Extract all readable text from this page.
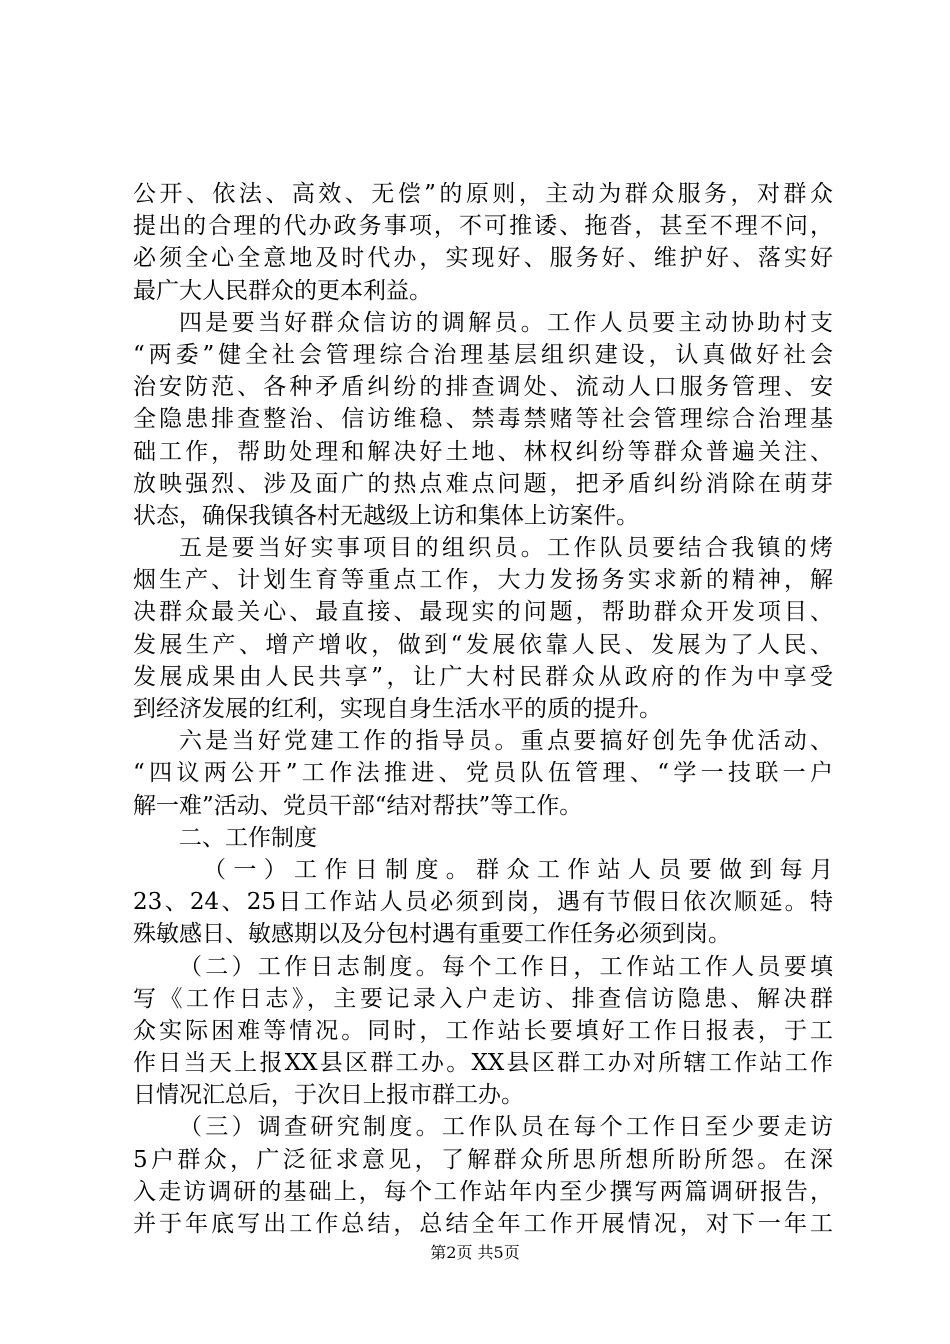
公开、依法、高效、无偿”的原则，主动为群众服务，对群众
提出的合理的代办政务事项，不可推诿、拖沓，甚至不理不问，
必须全心全意地及时代办，实现好、服务好、维护好、落实好
最广大人民群众的更本利益。
四是要当好群众信访的调解员。工作人员要主动协助村支
“两委”健全社会管理综合治理基层组织建设，认真做好社会
治安防范、各种矛盾纠纷的排查调处、流动人口服务管理、安
全隐患排查整治、信访维稳、禁毒禁赌等社会管理综合治理基
础工作，帮助处理和解决好土地、林权纠纷等群众普遍关注、
放映强烈、涉及面广的热点难点问题，把矛盾纠纷消除在萌芽
状态，确保我镇各村无越级上访和集体上访案件。
五是要当好实事项目的组织员。工作队员要结合我镇的烤
烟生产、计划生育等重点工作，大力发扬务实求新的精神，解
决群众最关心、最直接、最现实的问题，帮助群众开发项目、
发展生产、增产增收，做到“发展依靠人民、发展为了人民、
发展成果由人民共享”，让广大村民群众从政府的作为中享受
到经济发展的红利，实现自身生活水平的质的提升。
六是当好党建工作的指导员。重点要搞好创先争优活动、
“四议两公开”工作法推进、党员队伍管理、“学一技联一户
解一难”活动、党员干部“结对帮扶”等工作。
二、工作制度
（一）工作日制度。群众工作站人员要做到每月
23、24、25日工作站人员必须到岗，遇有节假日依次顺延。特
殊敏感日、敏感期以及分包村遇有重要工作任务必须到岗。
（二）工作日志制度。每个工作日，工作站工作人员要填
写《工作日志》，主要记录入户走访、排查信访隐患、解决群
众实际困难等情况。同时，工作站长要填好工作日报表，于工
作日当天上报XX县区群工办。XX县区群工办对所辖工作站工作
日情况汇总后，于次日上报市群工办。
（三）调查研究制度。工作队员在每个工作日至少要走访
5户群众，广泛征求意见，了解群众所思所想所盼所怨。在深
入走访调研的基础上，每个工作站年内至少撰写两篇调研报告，
并于年底写出工作总结，总结全年工作开展情况，对下一年工
第2页 共5页
